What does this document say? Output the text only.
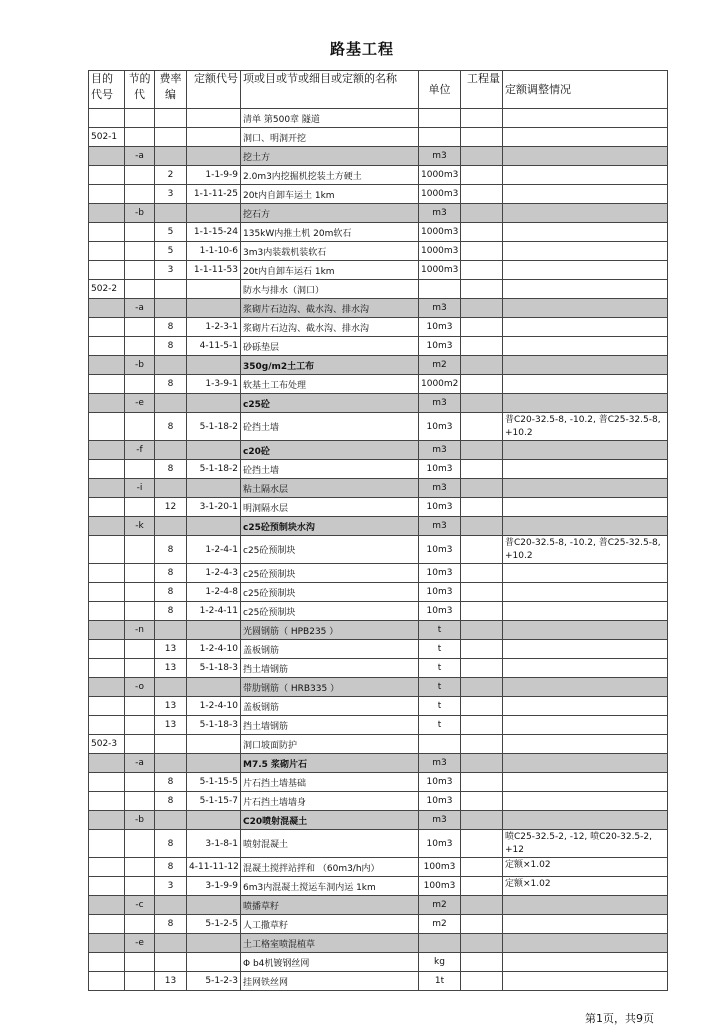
路基工程
目的代号	节的代	费率编	定额代号	项或目或节或细目或定额的名称	单位	工程量	定额调整情况
				清单 第500章 隧道			
502-1				洞口、明洞开挖			
	-a			挖土方	m3		
		2	1-1-9-9	2.0m3内挖掘机挖装土方硬土	1000m3		
		3	1-1-11-25	20t内自卸车运土 1km	1000m3		
	-b			挖石方	m3		
		5	1-1-15-24	135kW内推土机 20m软石	1000m3		
		5	1-1-10-6	3m3内装载机装软石	1000m3		
		3	1-1-11-53	20t内自卸车运石 1km	1000m3		
502-2				防水与排水（洞口）			
	-a			浆砌片石边沟、截水沟、排水沟	m3		
		8	1-2-3-1	浆砌片石边沟、截水沟、排水沟	10m3		
		8	4-11-5-1	砂砾垫层	10m3		
	-b			350g/m2土工布	m2		
		8	1-3-9-1	软基土工布处理	1000m2		
	-e			c25砼	m3		
		8	5-1-18-2	砼挡土墙	10m3		普C20-32.5-8, -10.2, 普C25-32.5-8, +10.2
	-f			c20砼	m3		
		8	5-1-18-2	砼挡土墙	10m3		
	-i			粘土隔水层	m3		
		12	3-1-20-1	明洞隔水层	10m3		
	-k			c25砼预制块水沟	m3		
		8	1-2-4-1	c25砼预制块	10m3		普C20-32.5-8, -10.2, 普C25-32.5-8, +10.2
		8	1-2-4-3	c25砼预制块	10m3		
		8	1-2-4-8	c25砼预制块	10m3		
		8	1-2-4-11	c25砼预制块	10m3		
	-n			光圆钢筋（ HPB235 ）	t		
		13	1-2-4-10	盖板钢筋	t		
		13	5-1-18-3	挡土墙钢筋	t		
	-o			带肋钢筋（ HRB335 ）	t		
		13	1-2-4-10	盖板钢筋	t		
		13	5-1-18-3	挡土墙钢筋	t		
502-3				洞口坡面防护			
	-a			M7.5 浆砌片石	m3		
		8	5-1-15-5	片石挡土墙基础	10m3		
		8	5-1-15-7	片石挡土墙墙身	10m3		
	-b			C20喷射混凝土	m3		
		8	3-1-8-1	喷射混凝土	10m3		喷C25-32.5-2, -12, 喷C20-32.5-2, +12
		8	4-11-11-12	混凝土搅拌站拌和 （60m3/h内）	100m3		定额×1.02
		3	3-1-9-9	6m3内混凝土搅运车洞内运 1km	100m3		定额×1.02
	-c			喷播草籽	m2		
		8	5-1-2-5	人工撒草籽	m2		
	-e			土工格室喷混植草			
				Φ b4机镀钢丝网	kg		
		13	5-1-2-3	挂网铁丝网	1t		
第1页，共9页
